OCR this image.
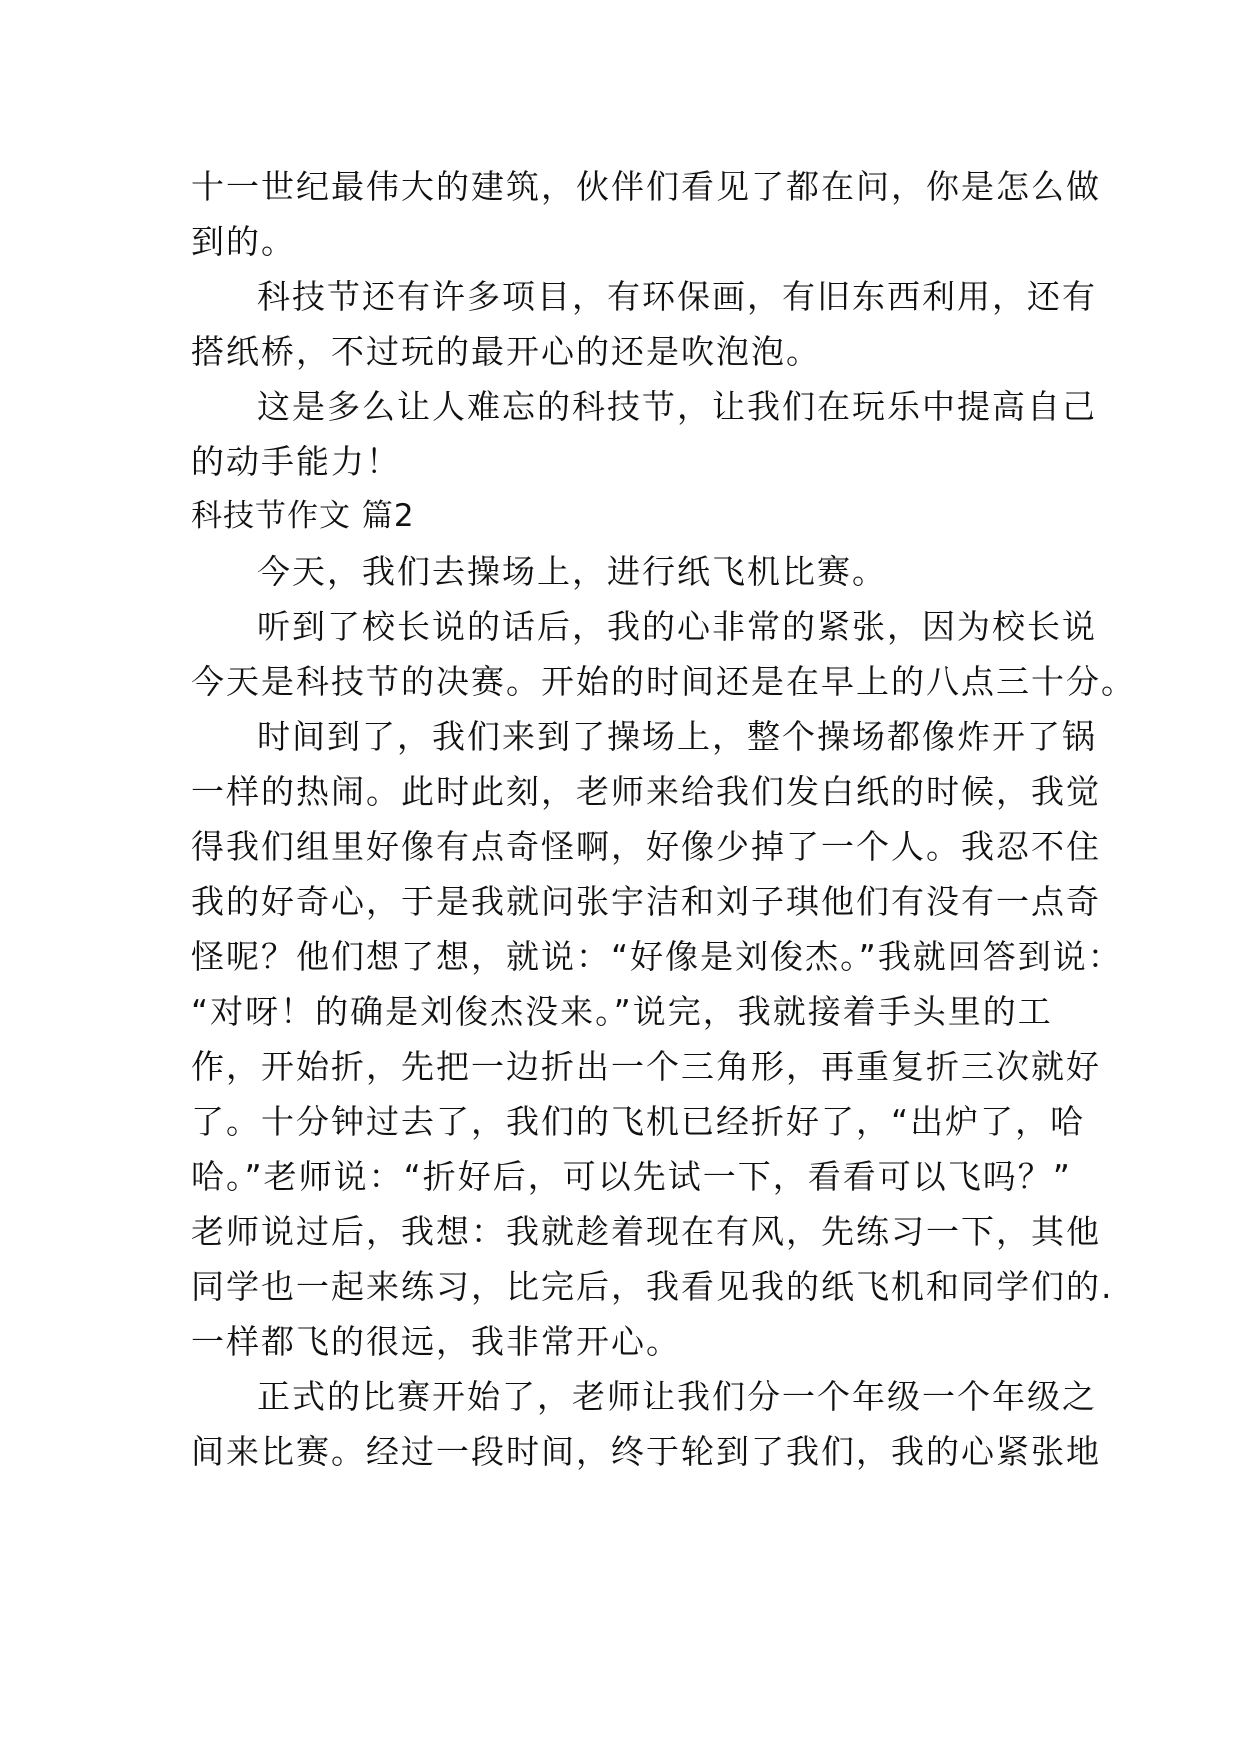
十一世纪最伟大的建筑，伙伴们看见了都在问，你是怎么做
到的。
科技节还有许多项目，有环保画，有旧东西利用，还有
搭纸桥，不过玩的最开心的还是吹泡泡。
这是多么让人难忘的科技节，让我们在玩乐中提高自己
的动手能力！
科技节作文 篇2
今天，我们去操场上，进行纸飞机比赛。
听到了校长说的话后，我的心非常的紧张，因为校长说
今天是科技节的决赛。开始的时间还是在早上的八点三十分。
时间到了，我们来到了操场上，整个操场都像炸开了锅
一样的热闹。此时此刻，老师来给我们发白纸的时候，我觉
得我们组里好像有点奇怪啊，好像少掉了一个人。我忍不住
我的好奇心，于是我就问张宇洁和刘子琪他们有没有一点奇
怪呢？他们想了想，就说：“好像是刘俊杰。”我就回答到说：
“对呀！的确是刘俊杰没来。”说完，我就接着手头里的工
作，开始折，先把一边折出一个三角形，再重复折三次就好
了。十分钟过去了，我们的飞机已经折好了，“出炉了，哈
哈。”老师说：“折好后，可以先试一下，看看可以飞吗？”
老师说过后，我想：我就趁着现在有风，先练习一下，其他
同学也一起来练习，比完后，我看见我的纸飞机和同学们的.
一样都飞的很远，我非常开心。
正式的比赛开始了，老师让我们分一个年级一个年级之
间来比赛。经过一段时间，终于轮到了我们，我的心紧张地
